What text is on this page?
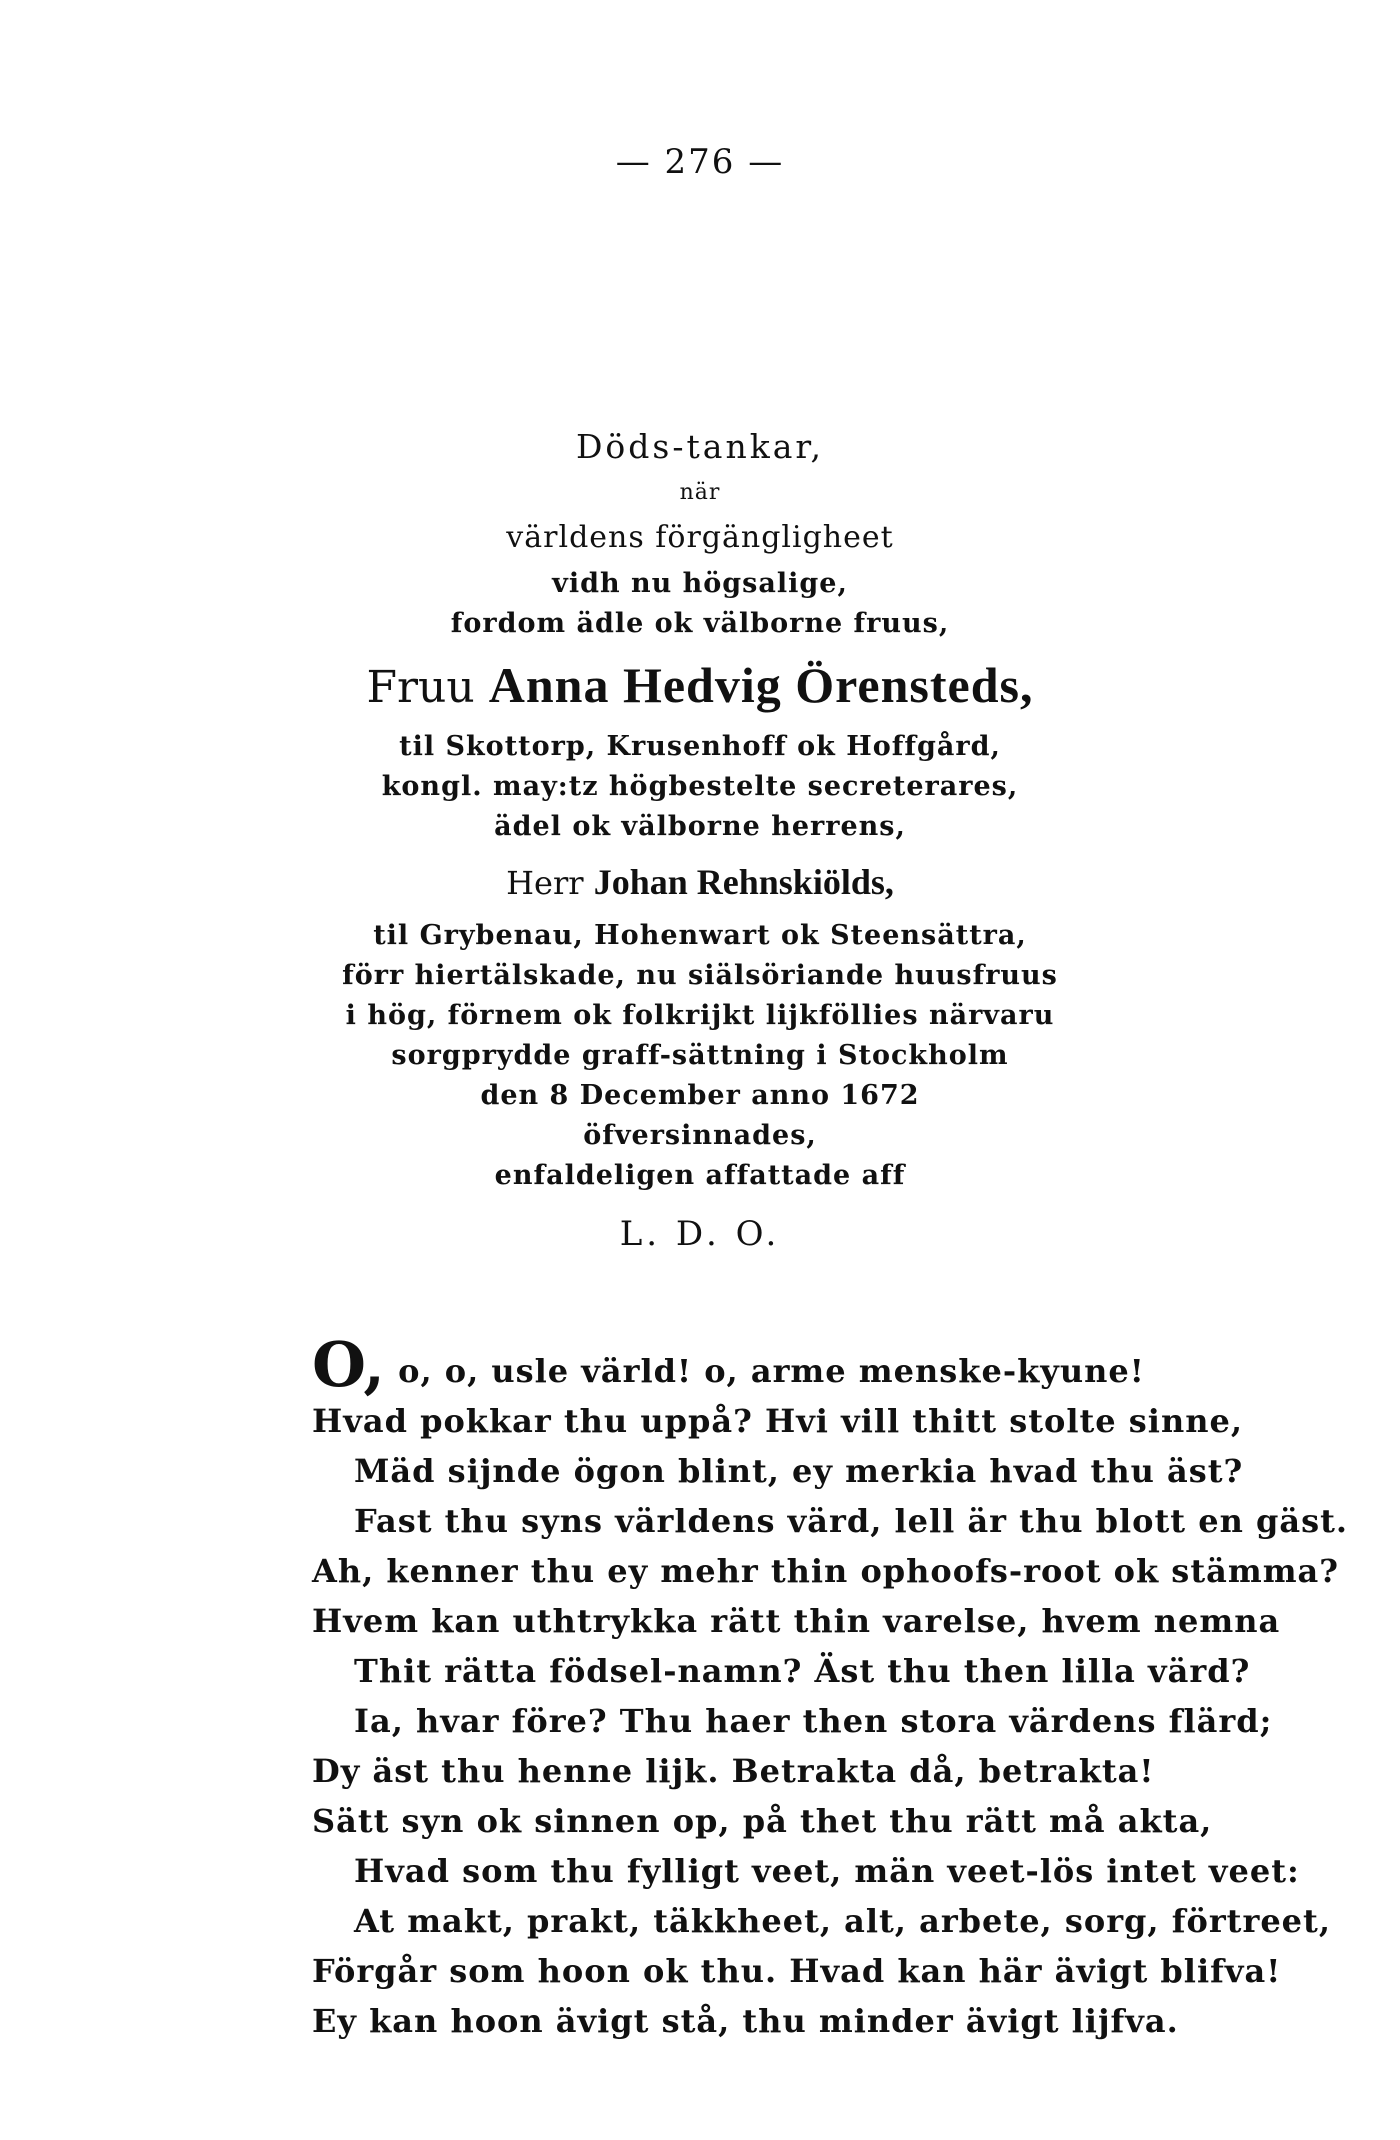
— 276 —
Döds-tankar,
när
världens förgängligheet
vidh nu högsalige,
fordom ädle ok välborne fruus,
Fruu Anna Hedvig Örensteds,
til Skottorp, Krusenhoff ok Hoffgård,
kongl. may:tz högbestelte secreterares,
ädel ok välborne herrens,
Herr Johan Rehnskiölds,
til Grybenau, Hohenwart ok Steensättra,
förr hiertälskade, nu siälsöriande huusfruus
i hög, förnem ok folkrijkt lijkföllies närvaru
sorgprydde graff-sättning i Stockholm
den 8 December anno 1672
öfversinnades,
enfaldeligen affattade aff
L. D. O.
O, o, o, usle värld! o, arme menske-kyune!
Hvad pokkar thu uppå? Hvi vill thitt stolte sinne,
Mäd sijnde ögon blint, ey merkia hvad thu äst?
Fast thu syns världens värd, lell är thu blott en gäst.
Ah, kenner thu ey mehr thin ophoofs-root ok stämma?
Hvem kan uthtrykka rätt thin varelse, hvem nemna
Thit rätta födsel-namn? Äst thu then lilla värd?
Ia, hvar före? Thu haer then stora värdens flärd;
Dy äst thu henne lijk. Betrakta då, betrakta!
Sätt syn ok sinnen op, på thet thu rätt må akta,
Hvad som thu fylligt veet, män veet-lös intet veet:
At makt, prakt, täkkheet, alt, arbete, sorg, förtreet,
Förgår som hoon ok thu. Hvad kan här ävigt blifva!
Ey kan hoon ävigt stå, thu minder ävigt lijfva.
